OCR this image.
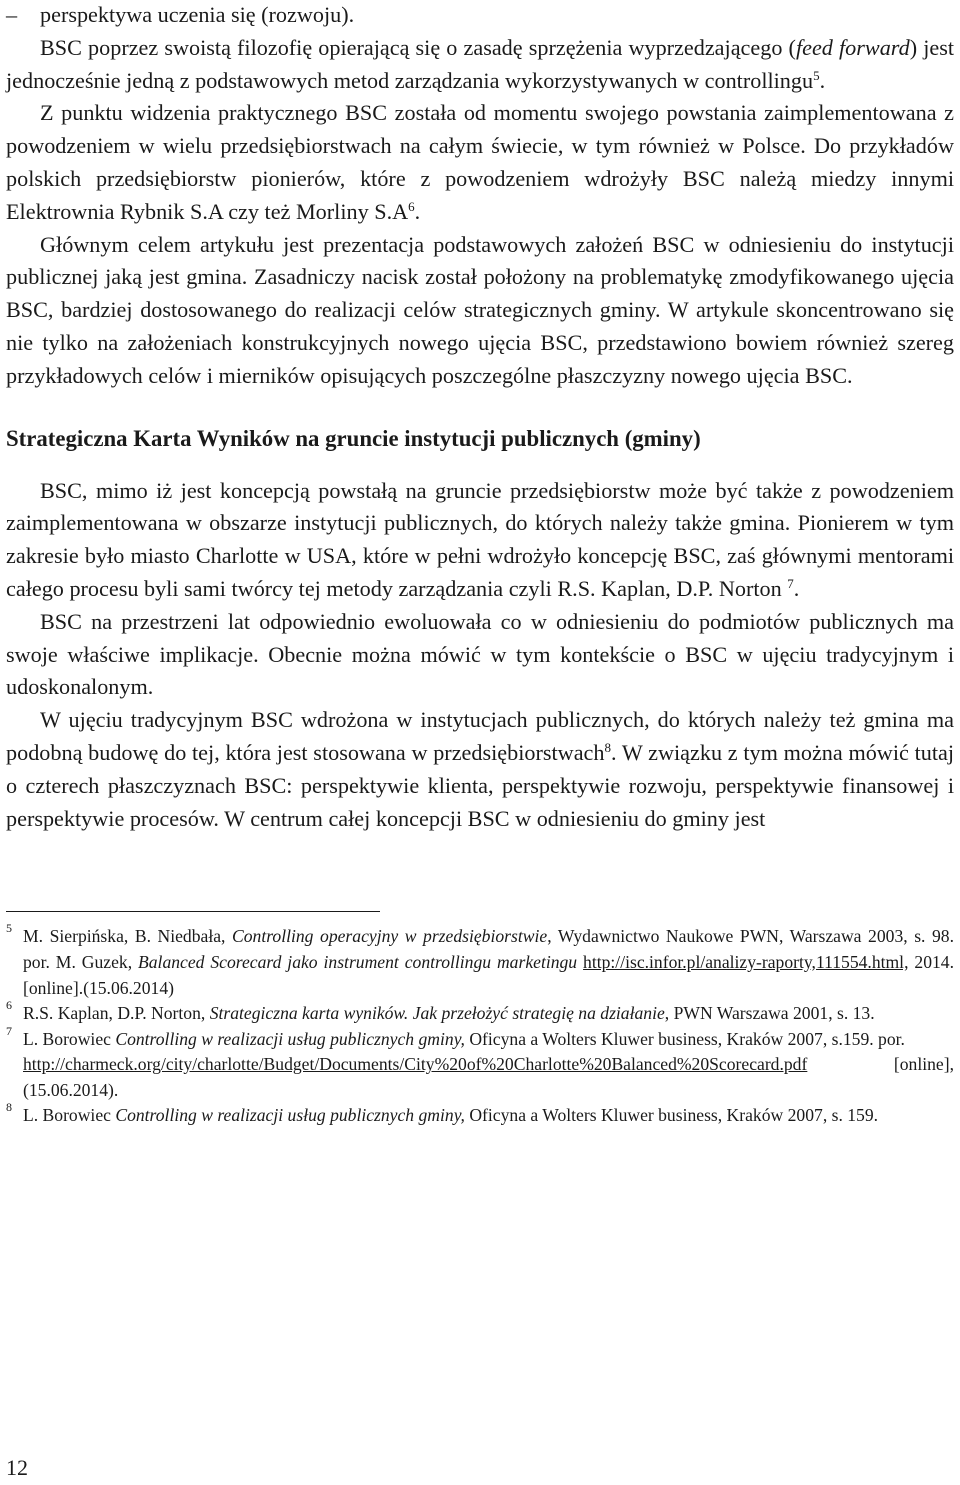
– perspektywa uczenia się (rozwoju).

BSC poprzez swoistą filozofię opierającą się o zasadę sprzężenia wyprzedzającego (feed forward) jest jednocześnie jedną z podstawowych metod zarządzania wykorzystywanych w controllingu$^5$.

Z punktu widzenia praktycznego BSC została od momentu swojego powstania zaimplementowana z powodzeniem w wielu przedsiębiorstwach na całym świecie, w tym również w Polsce. Do przykładów polskich przedsiębiorstw pionierów, które z powodzeniem wdrożyły BSC należą miedzy innymi Elektrownia Rybnik S.A czy też Morliny $S.A^6$.

Głównym celem artykułu jest prezentacja podstawowych założeń BSC w odniesieniu do instytucji publicznej jaką jest gmina. Zasadniczy nacisk został położony na problematykę zmodyfikowanego ujęcia BSC, bardziej dostosowanego do realizacji celów strategicznych gminy. W artykule skoncentrowano się nie tylko na założeniach konstrukcyjnych nowego ujęcia BSC, przedstawiono bowiem również szereg przykładowych celów i mierników opisujących poszczególne płaszczyzny nowego ujęcia BSC.

Strategiczna Karta Wyników na gruncie instytucji publicznych (gminy)

BSC, mimo iż jest koncepcją powstałą na gruncie przedsiębiorstw może być także z powodzeniem zaimplementowana w obszarze instytucji publicznych, do których należy także gmina. Pionierem w tym zakresie było miasto Charlotte w USA, które w pełni wdrożyło koncepcję BSC, zaś głównymi mentorami całego procesu byli sami twórcy tej metody zarządzania czyli R.S. Kaplan, D.P. Norton $^7$.

BSC na przestrzeni lat odpowiednio ewoluowała co w odniesieniu do podmiotów publicznych ma swoje właściwe implikacje. Obecnie można mówić w tym kontekście o BSC w ujęciu tradycyjnym i udoskonalonym.

W ujęciu tradycyjnym BSC wdrożona w instytucjach publicznych, do których należy też gmina ma podobną budowę do tej, która jest stosowana w przedsiębiorstwach$^8$. W związku z tym można mówić tutaj o czterech płaszczyznach BSC: perspektywie klienta, perspektywie rozwoju, perspektywie finansowej i perspektywie procesów. W centrum całej koncepcji BSC w odniesieniu do gminy jest

5 M. Sierpińska, B. Niedbała, Controlling operacyjny w przedsiębiorstwie, Wydawnictwo Naukowe PWN, Warszawa 2003, s. 98. por. M. Guzek, Balanced Scorecard jako instrument controllingu marketingu http://isc.infor.pl/analizy-raporty,111554.html, 2014. [online].(15.06.2014)
6 R.S. Kaplan, D.P. Norton, Strategiczna karta wyników. Jak przełożyć strategię na działanie, PWN Warszawa 2001, s. 13.
7 L. Borowiec Controlling w realizacji usług publicznych gminy, Oficyna a Wolters Kluwer business, Kraków 2007, s.159. por.
http://charmeck.org/city/charlotte/Budget/Documents/City%20of%20Charlotte%20Balanced%20Scorecard.pdf [online], (15.06.2014).
8 L. Borowiec Controlling w realizacji usług publicznych gminy, Oficyna a Wolters Kluwer business, Kraków 2007, s. 159.
12
